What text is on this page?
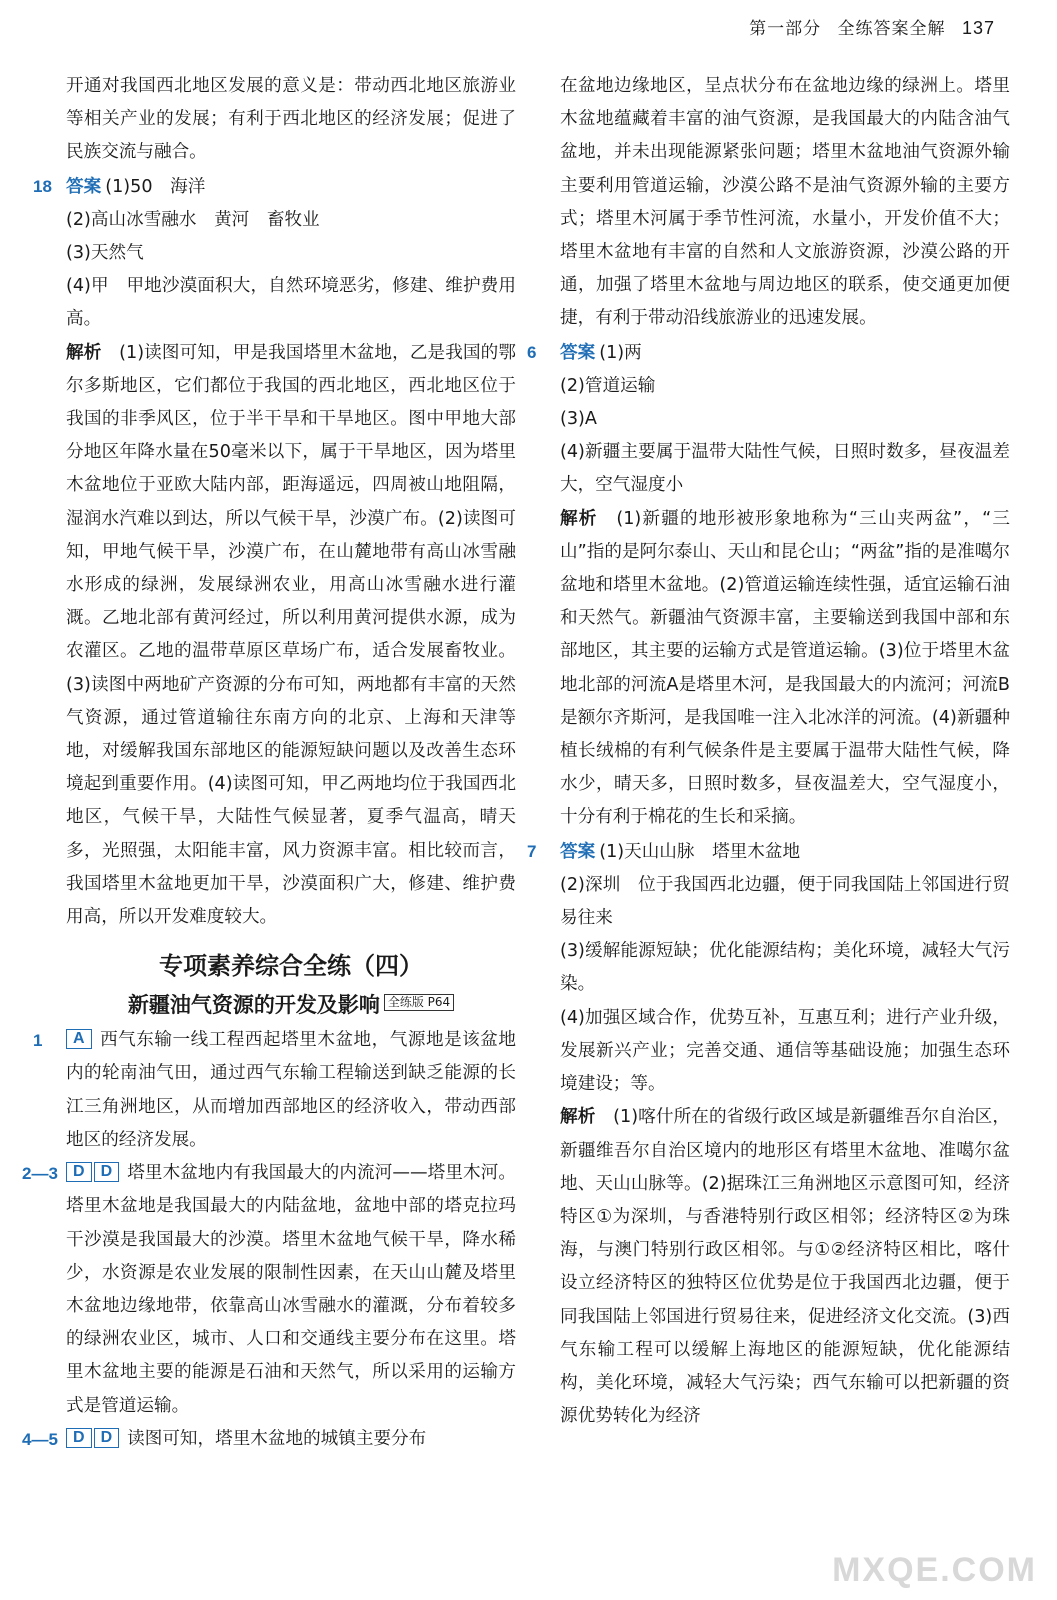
第一部分 全练答案全解 137

开通对我国西北地区发展的意义是：带动西北地区旅游业等相关产业的发展；有利于西北地区的经济发展；促进了民族交流与融合。

18 答案 (1)50　海洋

(2)高山冰雪融水　黄河　畜牧业

(3)天然气

(4)甲　甲地沙漠面积大，自然环境恶劣，修建、维护费用高。

解析　 (1)读图可知，甲是我国塔里木盆地，乙是我国的鄂尔多斯地区，它们都位于我国的西北地区，西北地区位于我国的非季风区，位于半干旱和干旱地区。图中甲地大部分地区年降水量在50毫米以下，属于干旱地区，因为塔里木盆地位于亚欧大陆内部，距海遥远，四周被山地阻隔，湿润水汽难以到达，所以气候干旱，沙漠广布。(2)读图可知，甲地气候干旱，沙漠广布，在山麓地带有高山冰雪融水形成的绿洲，发展绿洲农业，用高山冰雪融水进行灌溉。乙地北部有黄河经过，所以利用黄河提供水源，成为农灌区。乙地的温带草原区草场广布，适合发展畜牧业。(3)读图中两地矿产资源的分布可知，两地都有丰富的天然气资源，通过管道输往东南方向的北京、上海和天津等地，对缓解我国东部地区的能源短缺问题以及改善生态环境起到重要作用。(4)读图可知，甲乙两地均位于我国西北地区，气候干旱，大陆性气候显著，夏季气温高，晴天多，光照强，太阳能丰富，风力资源丰富。相比较而言，我国塔里木盆地更加干旱，沙漠面积广大，修建、维护费用高，所以开发难度较大。

专项素养综合全练（四）
新疆油气资源的开发及影响 全练版 P64
1	A 西气东输一线工程西起塔里木盆地，气源地是该盆地内的轮南油气田，通过西气东输工程输送到缺乏能源的长江三角洲地区，从而增加西部地区的经济收入，带动西部地区的经济发展。

2—3 D D 塔里木盆地内有我国最大的内流河——塔里木河。塔里木盆地是我国最大的内陆盆地，盆地中部的塔克拉玛干沙漠是我国最大的沙漠。塔里木盆地气候干旱，降水稀少，水资源是农业发展的限制性因素，在天山山麓及塔里木盆地边缘地带，依靠高山冰雪融水的灌溉，分布着较多的绿洲农业区，城市、人口和交通线主要分布在这里。塔里木盆地主要的能源是石油和天然气，所以采用的运输方式是管道运输。

4—5 D D 读图可知，塔里木盆地的城镇主要分布

在盆地边缘地区，呈点状分布在盆地边缘的绿洲上。塔里木盆地蕴藏着丰富的油气资源，是我国最大的内陆含油气盆地，并未出现能源紧张问题；塔里木盆地油气资源外输主要利用管道运输，沙漠公路不是油气资源外输的主要方式；塔里木河属于季节性河流，水量小，开发价值不大；塔里木盆地有丰富的自然和人文旅游资源，沙漠公路的开通，加强了塔里木盆地与周边地区的联系，使交通更加便捷，有利于带动沿线旅游业的迅速发展。

6 答案 (1)两

(2)管道运输

(3)A

(4)新疆主要属于温带大陆性气候，日照时数多，昼夜温差大，空气湿度小

解析　 (1)新疆的地形被形象地称为“三山夹两盆”，“三山”指的是阿尔泰山、天山和昆仑山；“两盆”指的是准噶尔盆地和塔里木盆地。(2)管道运输连续性强，适宜运输石油和天然气。新疆油气资源丰富，主要输送到我国中部和东部地区，其主要的运输方式是管道运输。(3)位于塔里木盆地北部的河流A是塔里木河，是我国最大的内流河；河流B是额尔齐斯河，是我国唯一注入北冰洋的河流。(4)新疆种植长绒棉的有利气候条件是主要属于温带大陆性气候，降水少，晴天多，日照时数多，昼夜温差大，空气湿度小，十分有利于棉花的生长和采摘。

7 答案 (1)天山山脉　塔里木盆地

(2)深圳　位于我国西北边疆，便于同我国陆上邻国进行贸易往来

(3)缓解能源短缺；优化能源结构；美化环境，减轻大气污染。

(4)加强区域合作，优势互补，互惠互利；进行产业升级，发展新兴产业；完善交通、通信等基础设施；加强生态环境建设；等。

解析　 (1)喀什所在的省级行政区域是新疆维吾尔自治区，新疆维吾尔自治区境内的地形区有塔里木盆地、准噶尔盆地、天山山脉等。(2)据珠江三角洲地区示意图可知，经济特区①为深圳，与香港特别行政区相邻；经济特区②为珠海，与澳门特别行政区相邻。与①②经济特区相比，喀什设立经济特区的独特区位优势是位于我国西北边疆，便于同我国陆上邻国进行贸易往来，促进经济文化交流。(3)西气东输工程可以缓解上海地区的能源短缺，优化能源结构，美化环境，减轻大气污染；西气东输可以把新疆的资源优势转化为经济

MXQE.COM
